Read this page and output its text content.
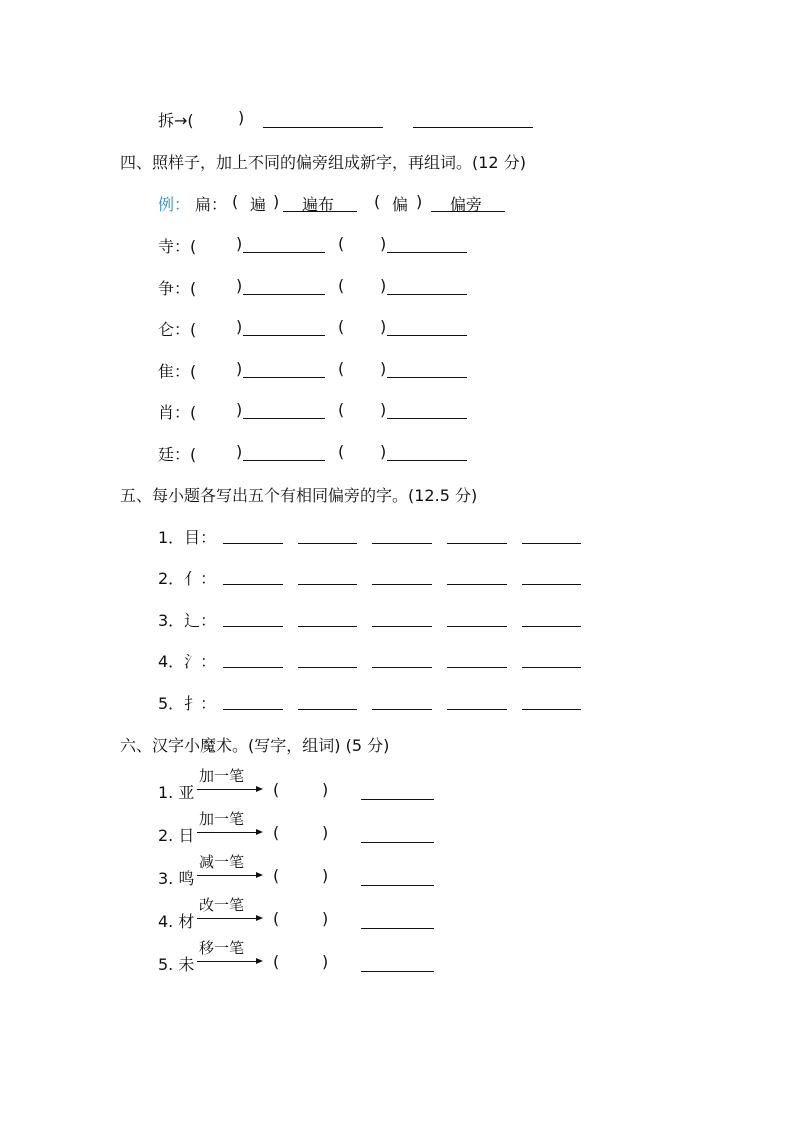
拆→(	)
四、照样子，加上不同的偏旁组成新字，再组词。(12 分)
例： 扁： ( 遍 ) 遍布 ( 偏 ) 偏旁
寺：( )	( )
争：( )	( )
仑：( )	( )
隹：( )	( )
肖：( )	( )
廷：( )	( )
五、每小题各写出五个有相同偏旁的字。(12.5 分)
1．目：
2．亻：
3．辶：
4．氵：
5．扌：
六、汉字小魔术。(写字，组词) (5 分)
1. 亚
加一笔
(	)
2. 日
加一笔
(	)
3. 鸣
减一笔
(	)
4. 材
改一笔
(	)
5. 未
移一笔
(	)
